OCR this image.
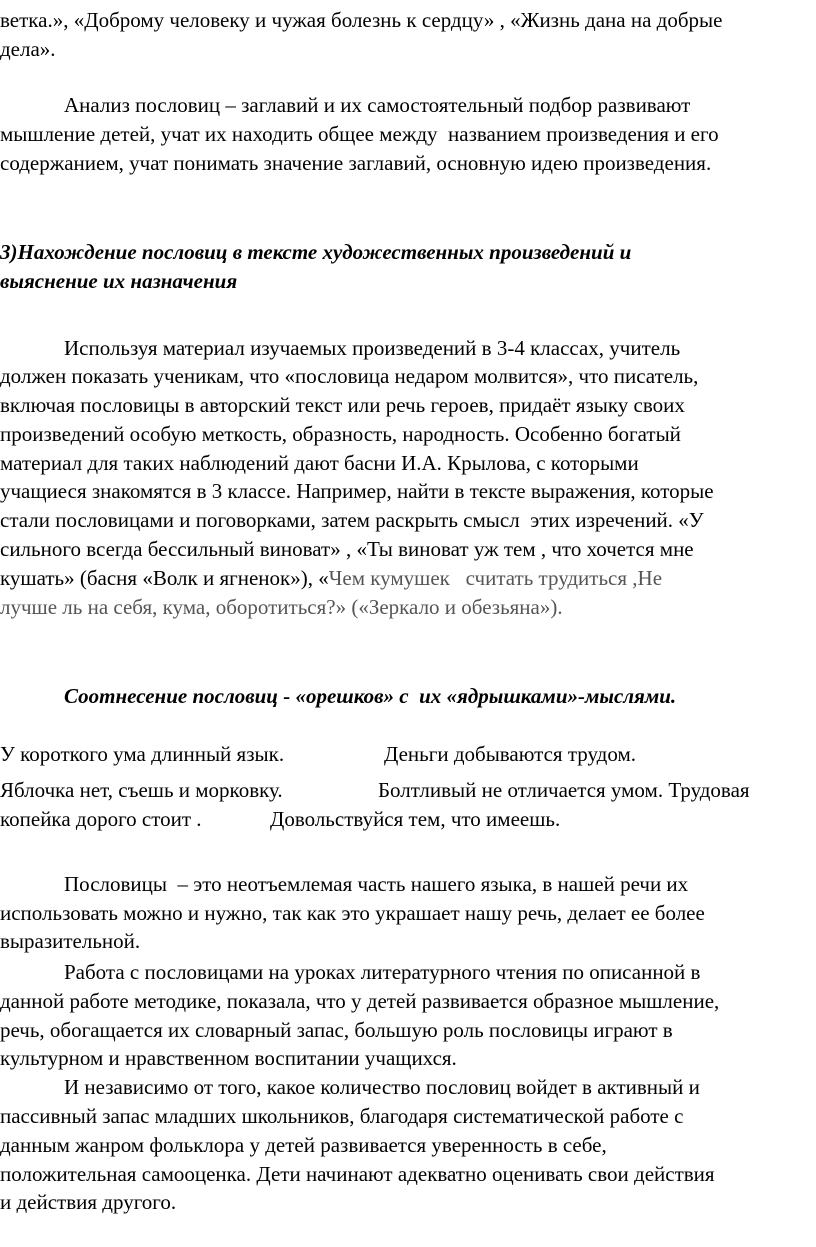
ветка.», «Доброму человеку и чужая болезнь к сердцу» , «Жизнь дана на добрые
дела».
Анализ пословиц – заглавий и их самостоятельный подбор развивают
мышление детей, учат их находить общее между  названием произведения и его
содержанием, учат понимать значение заглавий, основную идею произведения.
3)Нахождение пословиц в тексте художественных произведений и
выяснение их назначения
Используя материал изучаемых произведений в 3-4 классах, учитель
должен показать ученикам, что «пословица недаром молвится», что писатель,
включая пословицы в авторский текст или речь героев, придаёт языку своих
произведений особую меткость, образность, народность. Особенно богатый
материал для таких наблюдений дают басни И.А. Крылова, с которыми
учащиеся знакомятся в 3 классе. Например, найти в тексте выражения, которые
стали пословицами и поговорками, затем раскрыть смысл  этих изречений. «У
сильного всегда бессильный виноват» , «Ты виноват уж тем , что хочется мне
кушать» (басня «Волк и ягненок»), «Чем кумушек   считать трудиться ,Не
лучше ль на себя, кума, оборотиться?» («Зеркало и обезьяна»).
Соотнесение пословиц - «орешков» с  их «ядрышками»-мыслями.
У короткого ума длинный язык.	Деньги добываются трудом.
Яблочка нет, съешь и морковку.	Болтливый не отличается умом. Трудовая
копейка дорого стоит .	Довольствуйся тем, что имеешь.
Пословицы  – это неотъемлемая часть нашего языка, в нашей речи их
использовать можно и нужно, так как это украшает нашу речь, делает ее более
выразительной.
Работа с пословицами на уроках литературного чтения по описанной в
данной работе методике, показала, что у детей развивается образное мышление,
речь, обогащается их словарный запас, большую роль пословицы играют в
культурном и нравственном воспитании учащихся.
И независимо от того, какое количество пословиц войдет в активный и
пассивный запас младших школьников, благодаря систематической работе с
данным жанром фольклора у детей развивается уверенность в себе,
положительная самооценка. Дети начинают адекватно оценивать свои действия
и действия другого.
